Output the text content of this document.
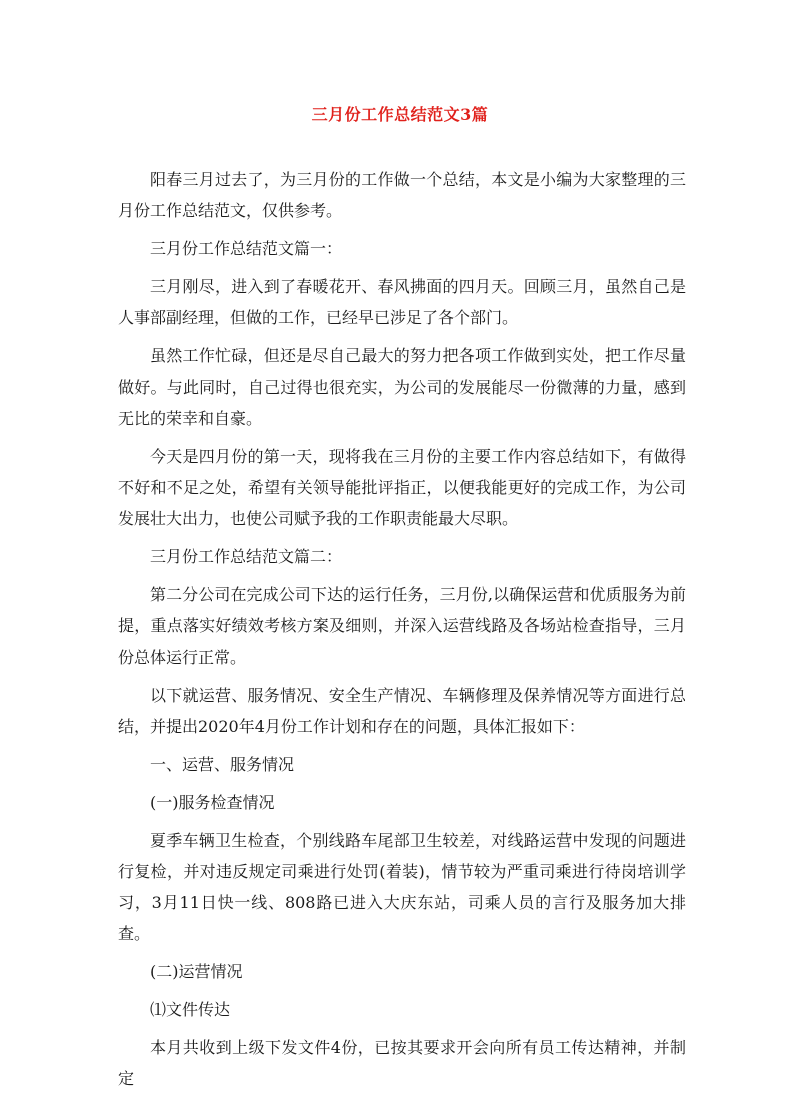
三月份工作总结范文3篇

阳春三月过去了，为三月份的工作做一个总结，本文是小编为大家整理的三月份工作总结范文，仅供参考。

三月份工作总结范文篇一：

三月刚尽，进入到了春暖花开、春风拂面的四月天。回顾三月，虽然自己是人事部副经理，但做的工作，已经早已涉足了各个部门。

虽然工作忙碌，但还是尽自己最大的努力把各项工作做到实处，把工作尽量做好。与此同时，自己过得也很充实，为公司的发展能尽一份微薄的力量，感到无比的荣幸和自豪。

今天是四月份的第一天，现将我在三月份的主要工作内容总结如下，有做得不好和不足之处，希望有关领导能批评指正，以便我能更好的完成工作，为公司发展壮大出力，也使公司赋予我的工作职责能最大尽职。

三月份工作总结范文篇二：

第二分公司在完成公司下达的运行任务，三月份,以确保运营和优质服务为前提，重点落实好绩效考核方案及细则，并深入运营线路及各场站检查指导，三月份总体运行正常。

以下就运营、服务情况、安全生产情况、车辆修理及保养情况等方面进行总结，并提出2020年4月份工作计划和存在的问题，具体汇报如下：

一、运营、服务情况

(一)服务检查情况

夏季车辆卫生检查，个别线路车尾部卫生较差，对线路运营中发现的问题进行复检，并对违反规定司乘进行处罚(着装)，情节较为严重司乘进行待岗培训学习，3月11日快一线、808路已进入大庆东站，司乘人员的言行及服务加大排查。

(二)运营情况

⑴文件传达

本月共收到上级下发文件4份，已按其要求开会向所有员工传达精神，并制定
